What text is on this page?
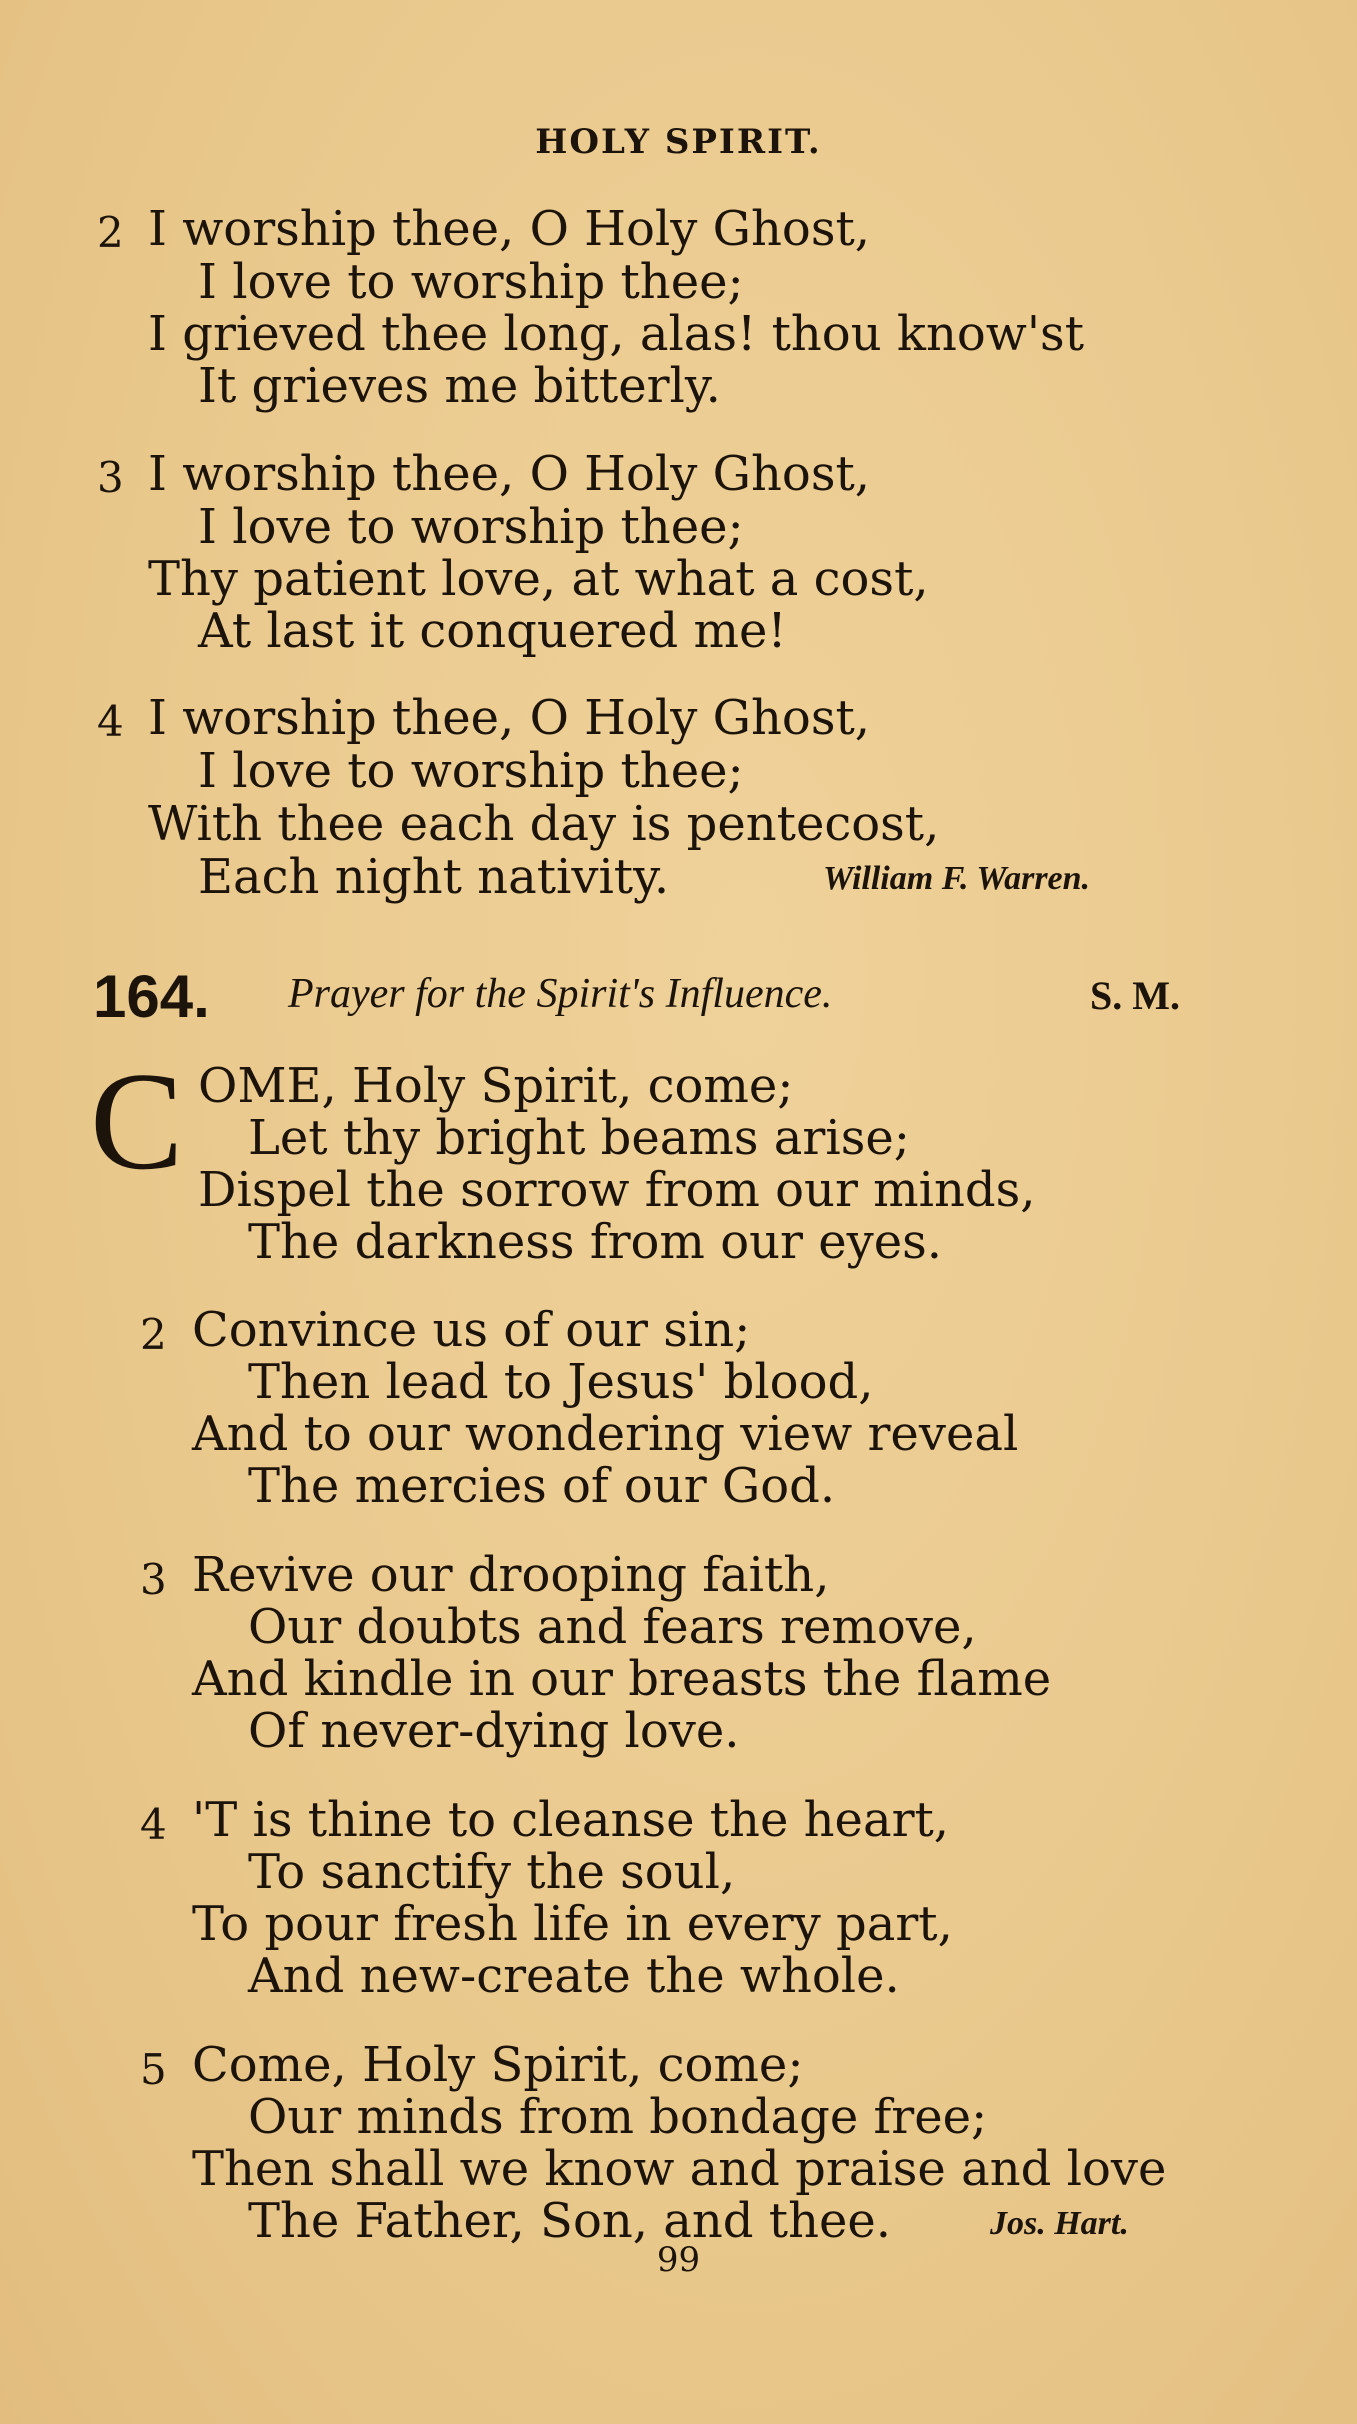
HOLY SPIRIT.
2 I worship thee, O Holy Ghost,
I love to worship thee;
I grieved thee long, alas! thou know'st
It grieves me bitterly.
3 I worship thee, O Holy Ghost,
I love to worship thee;
Thy patient love, at what a cost,
At last it conquered me!
4 I worship thee, O Holy Ghost,
I love to worship thee;
With thee each day is pentecost,
Each night nativity.	William F. Warren.
164. Prayer for the Spirit's Influence.	S. M.
C OME, Holy Spirit, come;
Let thy bright beams arise;
Dispel the sorrow from our minds,
The darkness from our eyes.
2 Convince us of our sin;
Then lead to Jesus' blood,
And to our wondering view reveal
The mercies of our God.
3 Revive our drooping faith,
Our doubts and fears remove,
And kindle in our breasts the flame
Of never-dying love.
4 'T is thine to cleanse the heart,
To sanctify the soul,
To pour fresh life in every part,
And new-create the whole.
5 Come, Holy Spirit, come;
Our minds from bondage free;
Then shall we know and praise and love
The Father, Son, and thee.	Jos. Hart.
99
